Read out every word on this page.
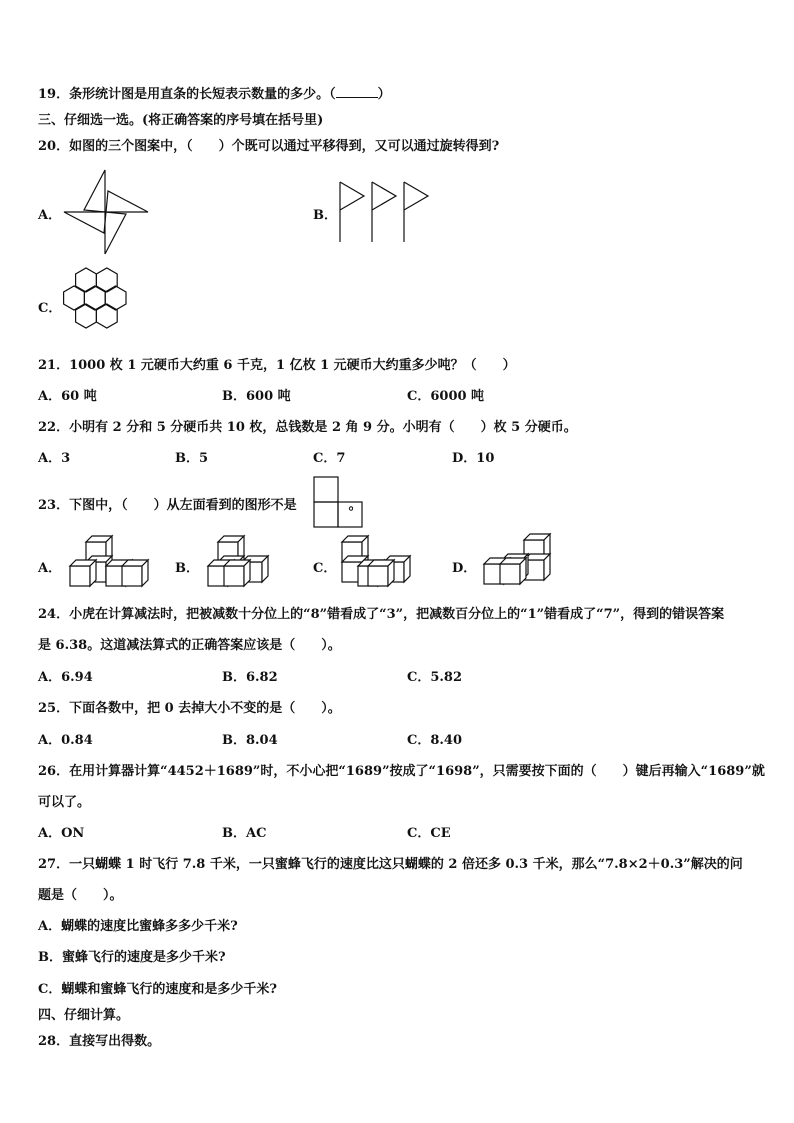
19．条形统计图是用直条的长短表示数量的多少。（	）
三、仔细选一选。(将正确答案的序号填在括号里)
20．如图的三个图案中，（　　）个既可以通过平移得到，又可以通过旋转得到?
A．	B．
C．
21．1000 枚 1 元硬币大约重 6 千克，1 亿枚 1 元硬币大约重多少吨？（　　）
A．60 吨	B．600 吨	C．6000 吨
22．小明有 2 分和 5 分硬币共 10 枚，总钱数是 2 角 9 分。小明有（　　）枚 5 分硬币。
A．3	B．5	C．7	D．10
23．下图中，（　　）从左面看到的图形不是	。
A．	B．	C．	D．
24．小虎在计算减法时，把被减数十分位上的“8”错看成了“3”，把减数百分位上的“1”错看成了“7”，得到的错误答案
是 6.38。这道减法算式的正确答案应该是（　　）。
A．6.94	B．6.82	C．5.82
25．下面各数中，把 0 去掉大小不变的是（　　）。
A．0.84	B．8.04	C．8.40
26．在用计算器计算“4452＋1689”时，不小心把“1689”按成了“1698”，只需要按下面的（　　）键后再输入“1689”就
可以了。
A．ON	B．AC	C．CE
27．一只蝴蝶 1 时飞行 7.8 千米，一只蜜蜂飞行的速度比这只蝴蝶的 2 倍还多 0.3 千米，那么“7.8×2＋0.3”解决的问
题是（　　）。
A．蝴蝶的速度比蜜蜂多多少千米?
B．蜜蜂飞行的速度是多少千米?
C．蝴蝶和蜜蜂飞行的速度和是多少千米?
四、仔细计算。
28．直接写出得数。
